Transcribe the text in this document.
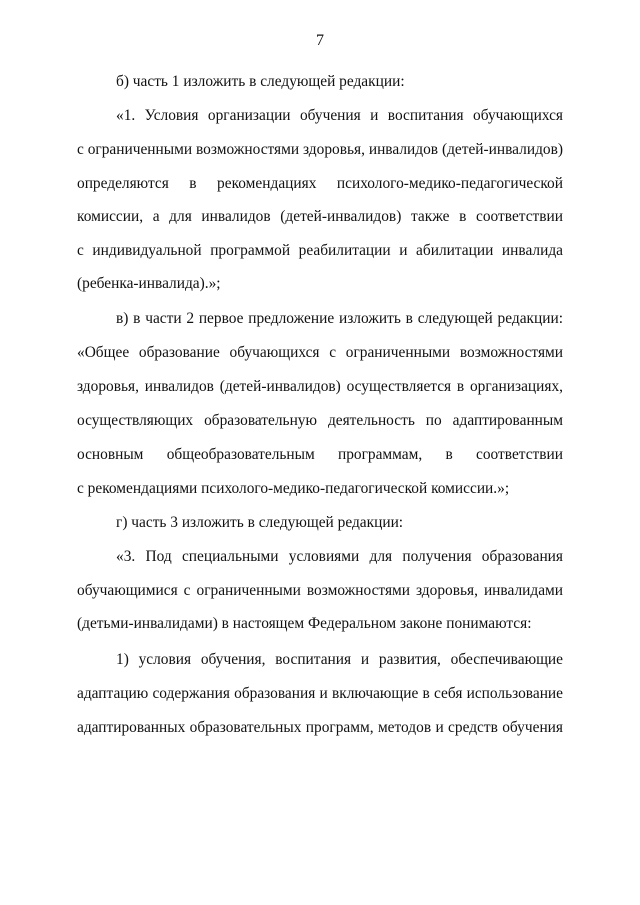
7
б) часть 1 изложить в следующей редакции:
«1. Условия организации обучения и воспитания обучающихся
с ограниченными возможностями здоровья, инвалидов (детей-инвалидов)
определяются в рекомендациях психолого-медико-педагогической
комиссии, а для инвалидов (детей-инвалидов) также в соответствии
с индивидуальной программой реабилитации и абилитации инвалида
(ребенка-инвалида).»;
в) в части 2 первое предложение изложить в следующей редакции:
«Общее образование обучающихся с ограниченными возможностями
здоровья, инвалидов (детей-инвалидов) осуществляется в организациях,
осуществляющих образовательную деятельность по адаптированным
основным общеобразовательным программам, в соответствии
с рекомендациями психолого-медико-педагогической комиссии.»;
г) часть 3 изложить в следующей редакции:
«3. Под специальными условиями для получения образования
обучающимися с ограниченными возможностями здоровья, инвалидами
(детьми-инвалидами) в настоящем Федеральном законе понимаются:
1) условия обучения, воспитания и развития, обеспечивающие
адаптацию содержания образования и включающие в себя использование
адаптированных образовательных программ, методов и средств обучения
